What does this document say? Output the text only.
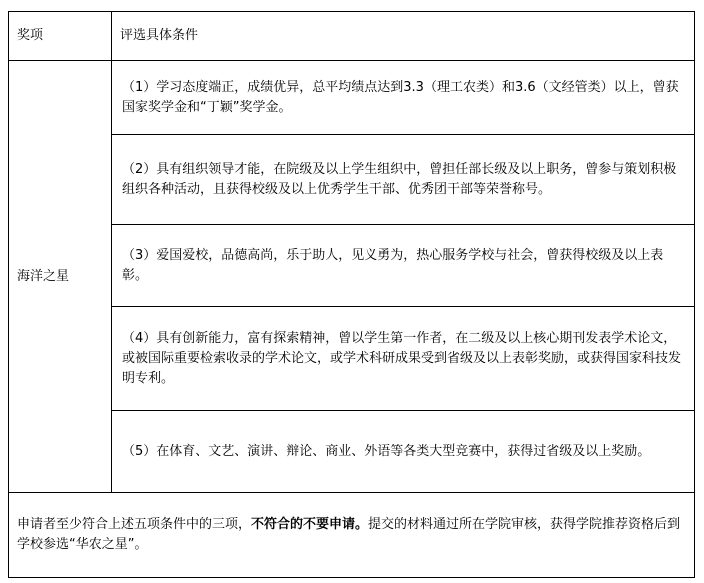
奖项	评选具体条件
海洋之星	（1）学习态度端正，成绩优异，总平均绩点达到3.3（理工农类）和3.6（文经管类）以上，曾获国家奖学金和“丁颖”奖学金。
	（2）具有组织领导才能，在院级及以上学生组织中，曾担任部长级及以上职务，曾参与策划积极组织各种活动，且获得校级及以上优秀学生干部、优秀团干部等荣誉称号。
	（3）爱国爱校，品德高尚，乐于助人，见义勇为，热心服务学校与社会，曾获得校级及以上表彰。
	（4）具有创新能力，富有探索精神，曾以学生第一作者，在二级及以上核心期刊发表学术论文，或被国际重要检索收录的学术论文，或学术科研成果受到省级及以上表彰奖励，或获得国家科技发明专利。
	（5）在体育、文艺、演讲、辩论、商业、外语等各类大型竞赛中，获得过省级及以上奖励。
申请者至少符合上述五项条件中的三项，不符合的不要申请。提交的材料通过所在学院审核，获得学院推荐资格后到学校参选“华农之星”。	
